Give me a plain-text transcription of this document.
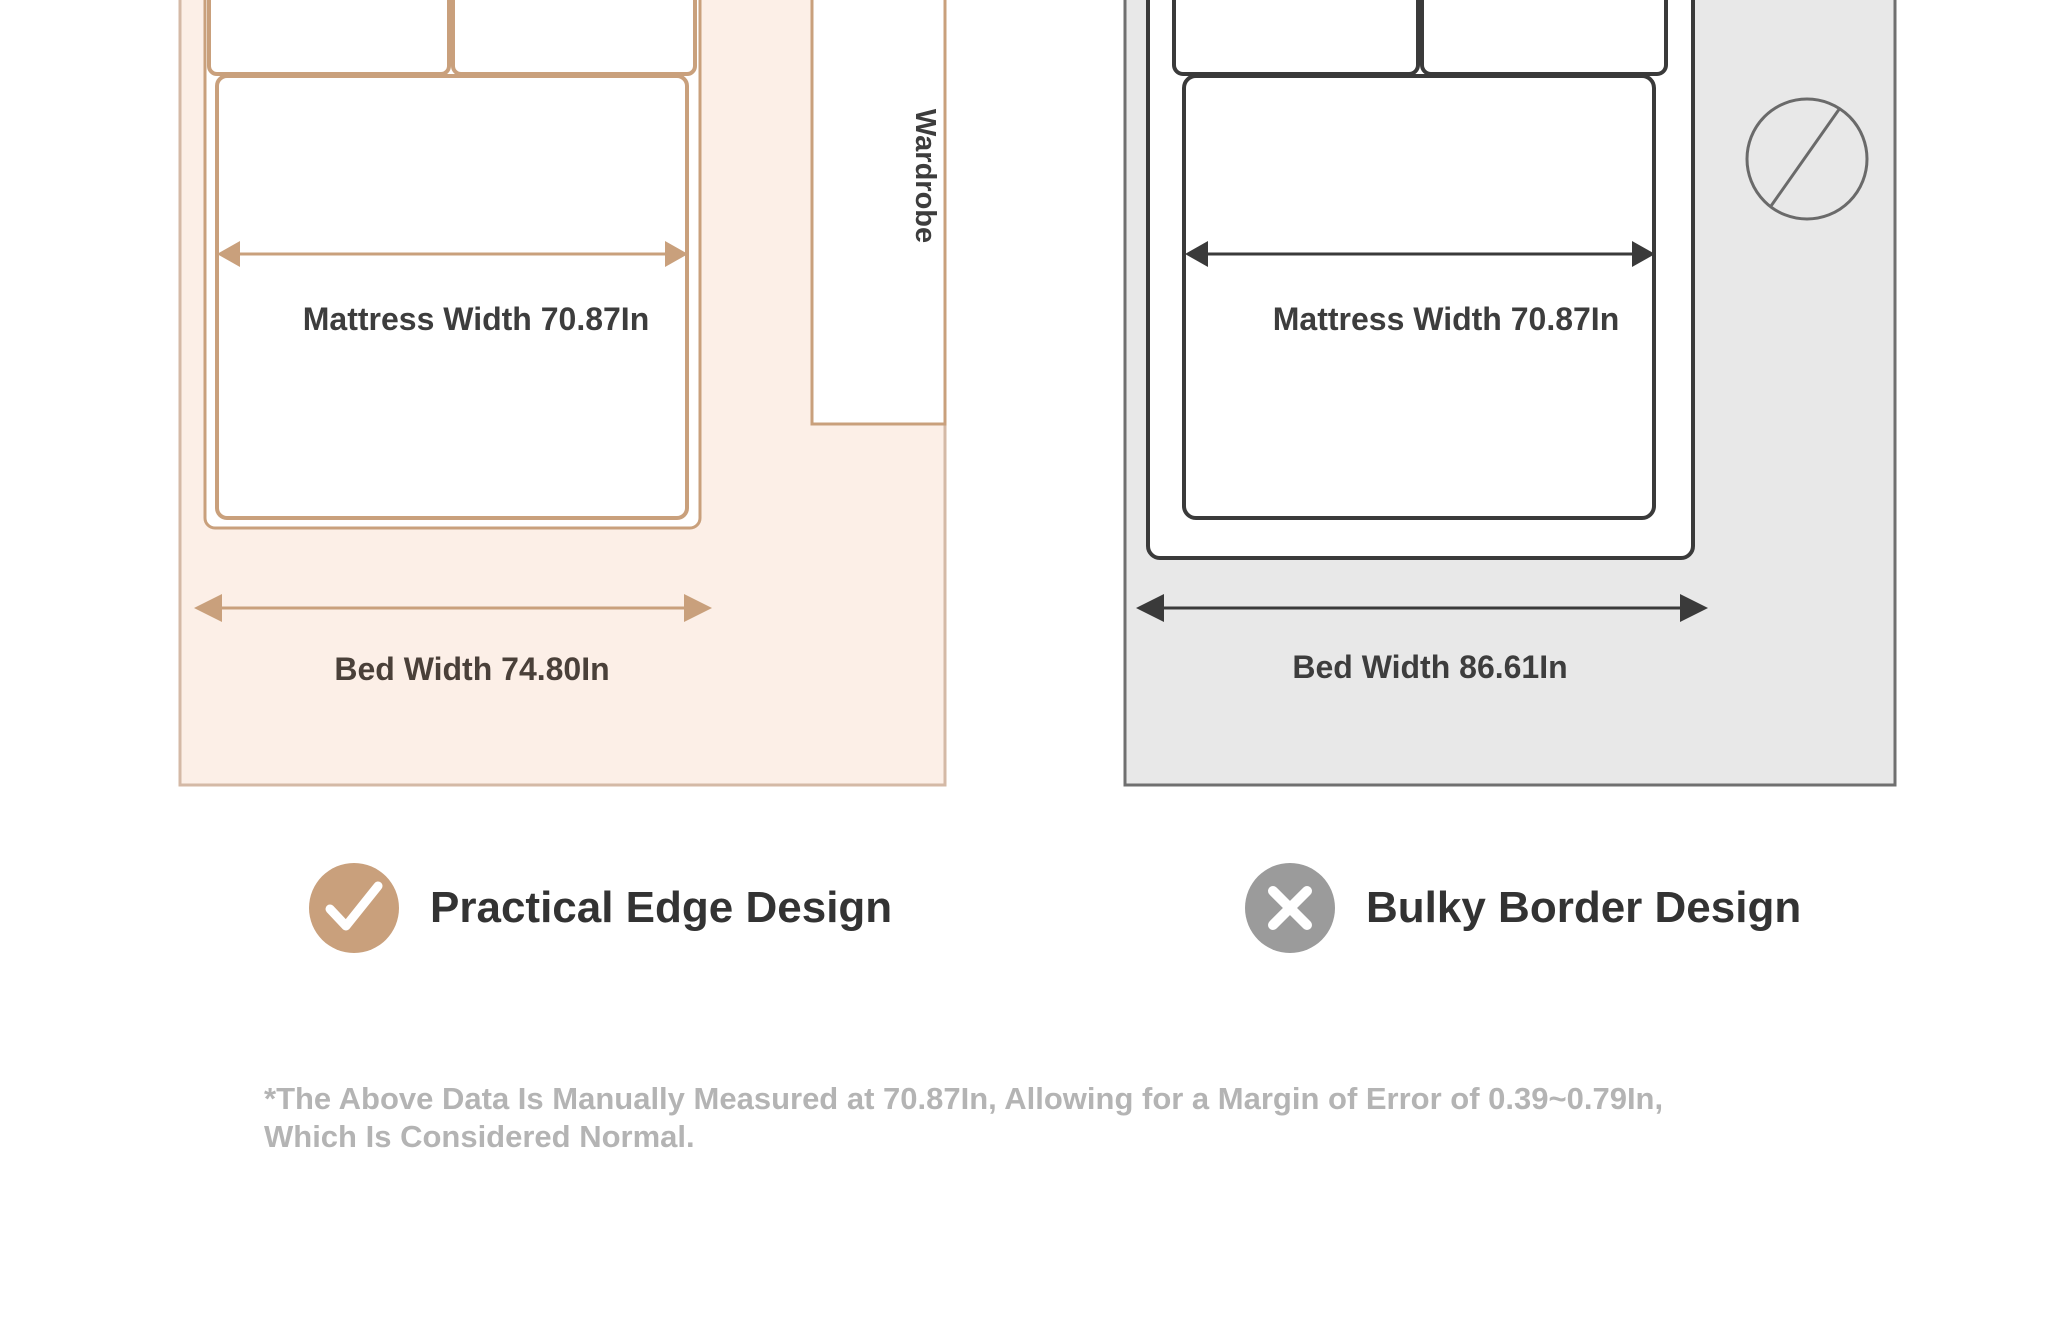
Wardrobe
Mattress Width 70.87In
Bed Width 74.80In
Mattress Width 70.87In
Bed Width 86.61In
Practical Edge Design	Bulky Border Design
*The Above Data Is Manually Measured at 70.87In, Allowing for a Margin of Error of 0.39~0.79In,
Which Is Considered Normal.
